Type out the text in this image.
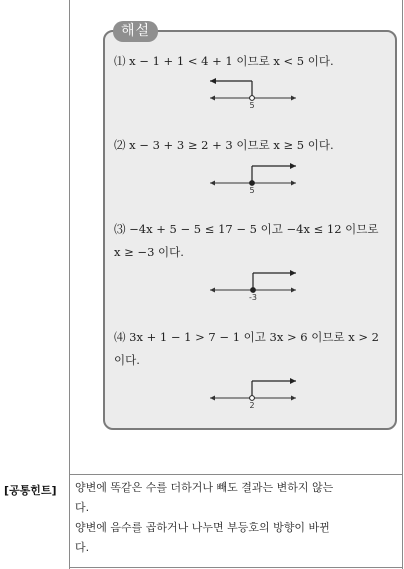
해설
⑴ x − 1 + 1 < 4 + 1 이므로 x < 5 이다.
⑵ x − 3 + 3 ≥ 2 + 3 이므로 x ≥ 5 이다.
⑶ −4x + 5 − 5 ≤ 17 − 5 이고 −4x ≤ 12 이므로
x ≥ −3 이다.
⑷ 3x + 1 − 1 > 7 − 1 이고 3x > 6 이므로 x > 2
이다.
5
5
-3
2
[공통힌트]	양변에 똑같은 수를 더하거나 빼도 결과는 변하지 않는
다.
양변에 음수를 곱하거나 나누면 부등호의 방향이 바뀐
다.
